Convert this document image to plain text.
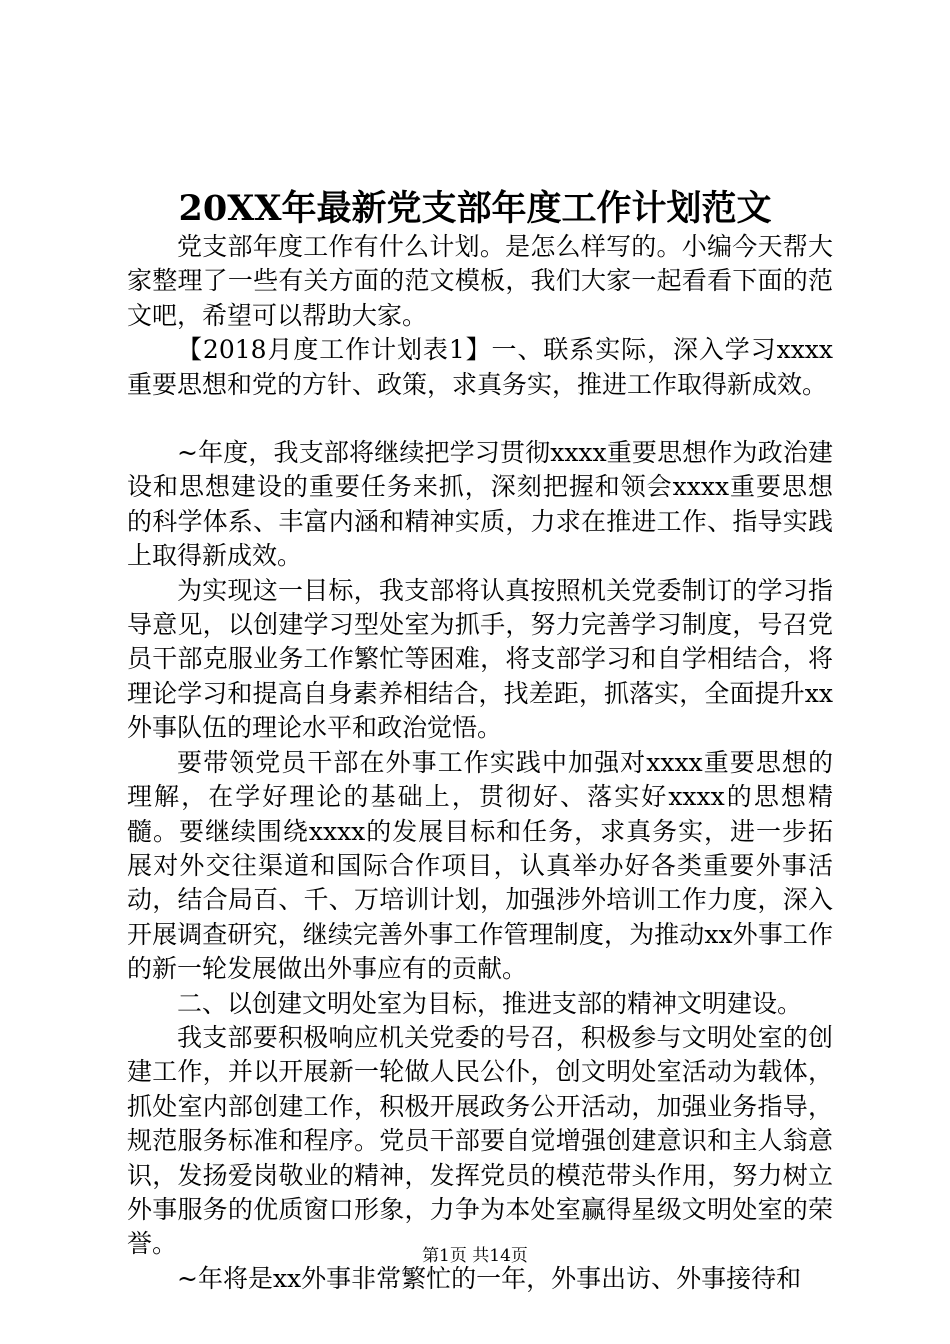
20XX年最新党支部年度工作计划范文

党支部年度工作有什么计划。是怎么样写的。小编今天帮大家整理了一些有关方面的范文模板，我们大家一起看看下面的范文吧，希望可以帮助大家。

【2018月度工作计划表1】一、联系实际，深入学习xxxx重要思想和党的方针、政策，求真务实，推进工作取得新成效。

~年度，我支部将继续把学习贯彻xxxx重要思想作为政治建设和思想建设的重要任务来抓，深刻把握和领会xxxx重要思想的科学体系、丰富内涵和精神实质，力求在推进工作、指导实践上取得新成效。

为实现这一目标，我支部将认真按照机关党委制订的学习指导意见，以创建学习型处室为抓手，努力完善学习制度，号召党员干部克服业务工作繁忙等困难，将支部学习和自学相结合，将理论学习和提高自身素养相结合，找差距，抓落实，全面提升xx外事队伍的理论水平和政治觉悟。

要带领党员干部在外事工作实践中加强对xxxx重要思想的理解，在学好理论的基础上，贯彻好、落实好xxxx的思想精髓。要继续围绕xxxx的发展目标和任务，求真务实，进一步拓展对外交往渠道和国际合作项目，认真举办好各类重要外事活动，结合局百、千、万培训计划，加强涉外培训工作力度，深入开展调查研究，继续完善外事工作管理制度，为推动xx外事工作的新一轮发展做出外事应有的贡献。

二、以创建文明处室为目标，推进支部的精神文明建设。

我支部要积极响应机关党委的号召，积极参与文明处室的创建工作，并以开展新一轮做人民公仆，创文明处室活动为载体，抓处室内部创建工作，积极开展政务公开活动，加强业务指导，规范服务标准和程序。党员干部要自觉增强创建意识和主人翁意识，发扬爱岗敬业的精神，发挥党员的模范带头作用，努力树立外事服务的优质窗口形象，力争为本处室赢得星级文明处室的荣誉。

~年将是xx外事非常繁忙的一年，外事出访、外事接待和

第1页 共14页
